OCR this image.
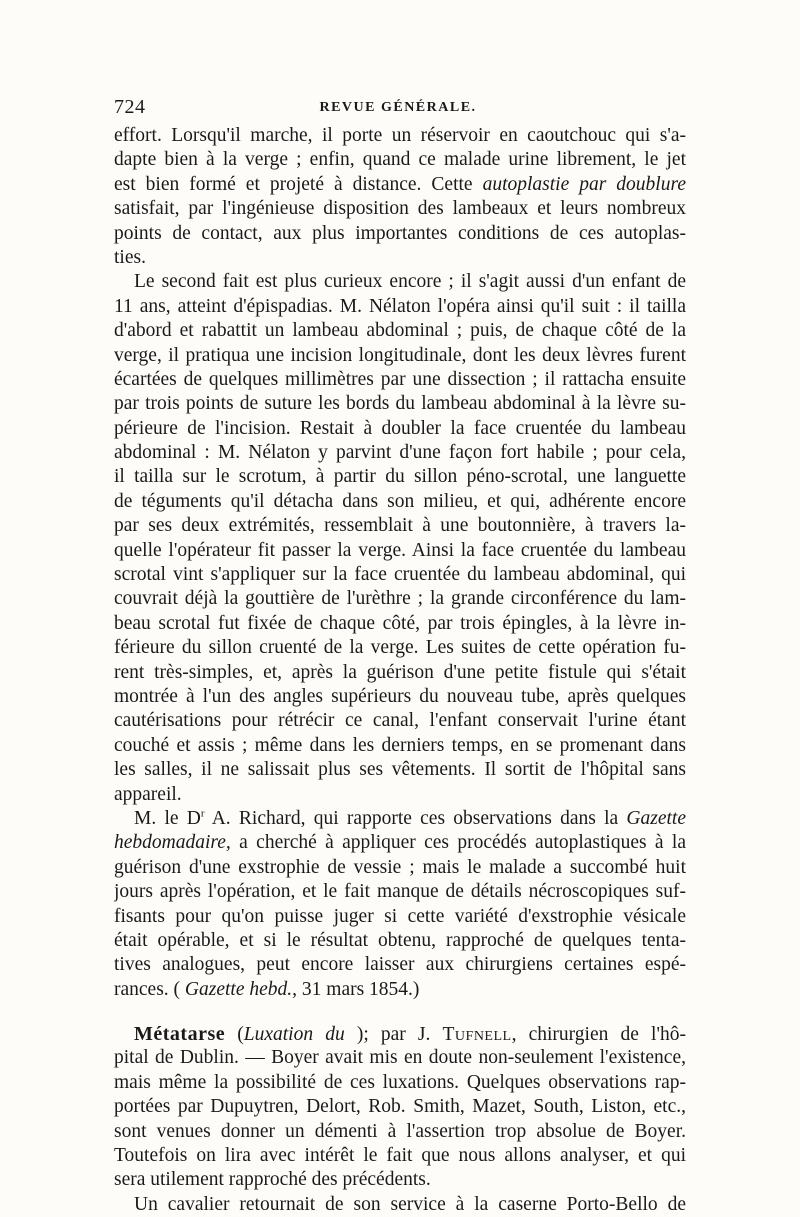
724	REVUE GÉNÉRALE.
effort. Lorsqu'il marche, il porte un réservoir en caoutchouc qui s'a-
dapte bien à la verge ; enfin, quand ce malade urine librement, le jet
est bien formé et projeté à distance. Cette autoplastie par doublure
satisfait, par l'ingénieuse disposition des lambeaux et leurs nombreux
points de contact, aux plus importantes conditions de ces autoplas-
ties.
Le second fait est plus curieux encore ; il s'agit aussi d'un enfant de
11 ans, atteint d'épispadias. M. Nélaton l'opéra ainsi qu'il suit : il tailla
d'abord et rabattit un lambeau abdominal ; puis, de chaque côté de la
verge, il pratiqua une incision longitudinale, dont les deux lèvres furent
écartées de quelques millimètres par une dissection ; il rattacha ensuite
par trois points de suture les bords du lambeau abdominal à la lèvre su-
périeure de l'incision. Restait à doubler la face cruentée du lambeau
abdominal : M. Nélaton y parvint d'une façon fort habile ; pour cela,
il tailla sur le scrotum, à partir du sillon péno-scrotal, une languette
de téguments qu'il détacha dans son milieu, et qui, adhérente encore
par ses deux extrémités, ressemblait à une boutonnière, à travers la-
quelle l'opérateur fit passer la verge. Ainsi la face cruentée du lambeau
scrotal vint s'appliquer sur la face cruentée du lambeau abdominal, qui
couvrait déjà la gouttière de l'urèthre ; la grande circonférence du lam-
beau scrotal fut fixée de chaque côté, par trois épingles, à la lèvre in-
férieure du sillon cruenté de la verge. Les suites de cette opération fu-
rent très-simples, et, après la guérison d'une petite fistule qui s'était
montrée à l'un des angles supérieurs du nouveau tube, après quelques
cautérisations pour rétrécir ce canal, l'enfant conservait l'urine étant
couché et assis ; même dans les derniers temps, en se promenant dans
les salles, il ne salissait plus ses vêtements. Il sortit de l'hôpital sans
appareil.
M. le $D^r$ A. Richard, qui rapporte ces observations dans la Gazette
hebdomadaire, a cherché à appliquer ces procédés autoplastiques à la
guérison d'une exstrophie de vessie ; mais le malade a succombé huit
jours après l'opération, et le fait manque de détails nécroscopiques suf-
fisants pour qu'on puisse juger si cette variété d'exstrophie vésicale
était opérable, et si le résultat obtenu, rapproché de quelques tenta-
tives analogues, peut encore laisser aux chirurgiens certaines espé-
rances. ( Gazette hebd., 31 mars 1854.)
Métatarse (Luxation du ); par J. Tufnell, chirurgien de l'hô-
pital de Dublin. — Boyer avait mis en doute non-seulement l'existence,
mais même la possibilité de ces luxations. Quelques observations rap-
portées par Dupuytren, Delort, Rob. Smith, Mazet, South, Liston, etc.,
sont venues donner un démenti à l'assertion trop absolue de Boyer.
Toutefois on lira avec intérêt le fait que nous allons analyser, et qui
sera utilement rapproché des précédents.
Un cavalier retournait de son service à la caserne Porto-Bello de
